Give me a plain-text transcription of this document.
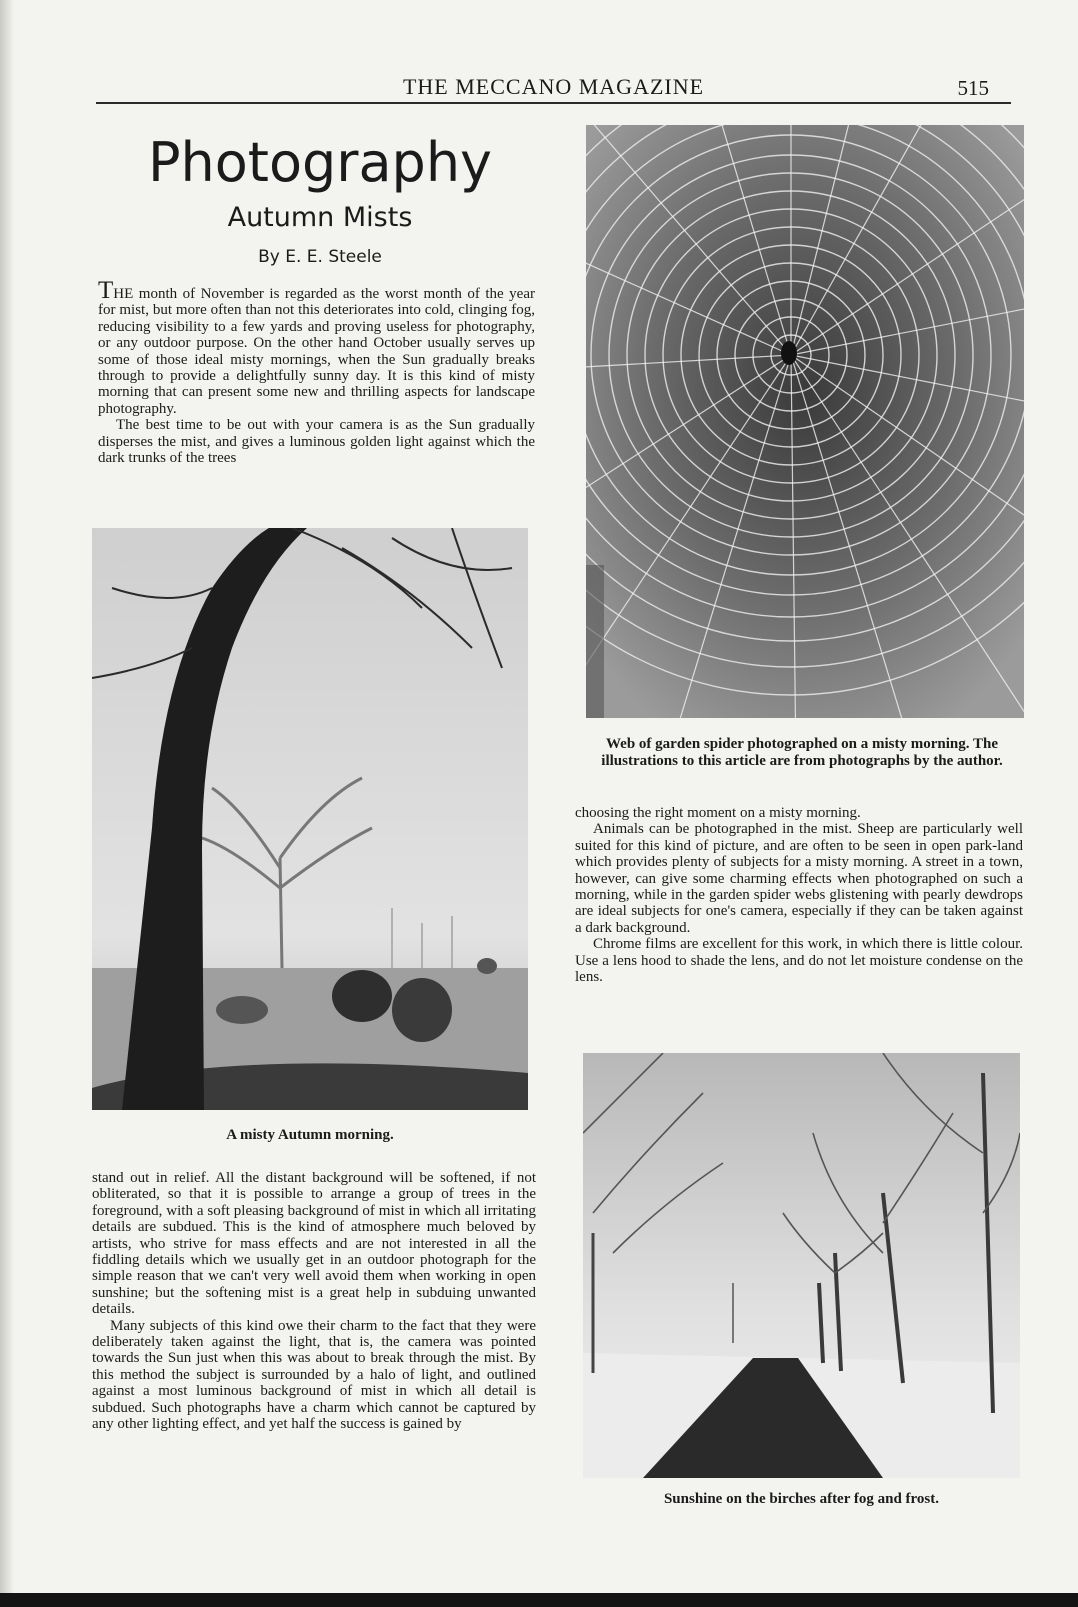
THE MECCANO MAGAZINE	515
Photography
Autumn Mists
By E. E. Steele

THE month of November is regarded as the worst month of the year for mist, but more often than not this deteriorates into cold, clinging fog, reducing visibility to a few yards and proving useless for photography, or any outdoor purpose. On the other hand October usually serves up some of those ideal misty mornings, when the Sun gradually breaks through to provide a delightfully sunny day. It is this kind of misty morning that can present some new and thrilling aspects for landscape photography.

The best time to be out with your camera is as the Sun gradually disperses the mist, and gives a luminous golden light against which the dark trunks of the trees

Web of garden spider photographed on a misty morning. The illustrations to this article are from photographs by the author.

choosing the right moment on a misty morning.

Animals can be photographed in the mist. Sheep are particularly well suited for this kind of picture, and are often to be seen in open park-land which provides plenty of subjects for a misty morning. A street in a town, however, can give some charming effects when photographed on such a morning, while in the garden spider webs glistening with pearly dewdrops are ideal subjects for one's camera, especially if they can be taken against a dark background.

Chrome films are excellent for this work, in which there is little colour. Use a lens hood to shade the lens, and do not let moisture condense on the lens.

A misty Autumn morning.

stand out in relief. All the distant background will be softened, if not obliterated, so that it is possible to arrange a group of trees in the foreground, with a soft pleasing background of mist in which all irritating details are subdued. This is the kind of atmosphere much beloved by artists, who strive for mass effects and are not interested in all the fiddling details which we usually get in an outdoor photograph for the simple reason that we can't very well avoid them when working in open sunshine; but the softening mist is a great help in subduing unwanted details.

Many subjects of this kind owe their charm to the fact that they were deliberately taken against the light, that is, the camera was pointed towards the Sun just when this was about to break through the mist. By this method the subject is surrounded by a halo of light, and outlined against a most luminous background of mist in which all detail is subdued. Such photographs have a charm which cannot be captured by any other lighting effect, and yet half the success is gained by

Sunshine on the birches after fog and frost.
